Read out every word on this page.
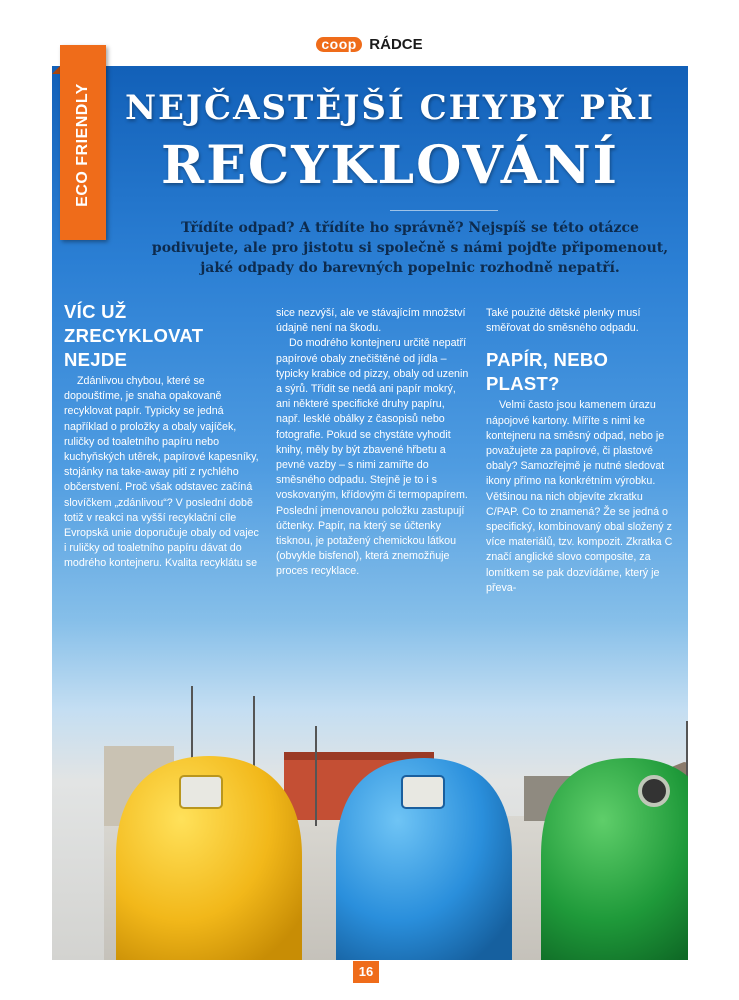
coop RÁDCE
ECO FRIENDLY NEJČASTĚJŠÍ CHYBY PŘI
RECYKLOVÁNÍ
Třídíte odpad? A třídíte ho správně? Nejspíš se této otázce
podivujete, ale pro jistotu si společně s námi pojďte připomenout,
jaké odpady do barevných popelnic rozhodně nepatří.
VÍC UŽ ZRECYKLOVAT NEJDE

Zdánlivou chybou, které se dopouštíme, je snaha opakovaně recyklovat papír. Typicky se jedná například o proložky a obaly vajíček, ruličky od toaletního papíru nebo kuchyňských utěrek, papírové kapesníky, stojánky na take-away pití z rychlého občerstvení. Proč však odstavec začíná slovíčkem „zdánlivou“? V poslední době totiž v reakci na vyšší recyklační cíle Evropská unie doporučuje obaly od vajec i ruličky od toaletního papíru dávat do modrého kontejneru. Kvalita recyklátu se

sice nezvýší, ale ve stávajícím množství údajně není na škodu.

Do modrého kontejneru určitě nepatří papírové obaly znečištěné od jídla – typicky krabice od pizzy, obaly od uzenin a sýrů. Třídit se nedá ani papír mokrý, ani některé specifické druhy papíru, např. lesklé obálky z časopisů nebo fotografie. Pokud se chystáte vyhodit knihy, měly by být zbavené hřbetu a pevné vazby – s nimi zamiřte do směsného odpadu. Stejně je to i s voskovaným, křídovým či termopapírem. Poslední jmenovanou položku zastupují účtenky. Papír, na který se účtenky tisknou, je potažený chemickou látkou (obvykle bisfenol), která znemožňuje proces recyklace.

Také použité dětské plenky musí směřovat do směsného odpadu.

PAPÍR, NEBO PLAST?

Velmi často jsou kamenem úrazu nápojové kartony. Míříte s nimi ke kontejneru na směsný odpad, nebo je považujete za papírové, či plastové obaly? Samozřejmě je nutné sledovat ikony přímo na konkrétním výrobku. Většinou na nich objevíte zkratku C/PAP. Co to znamená? Že se jedná o specifický, kombinovaný obal složený z více materiálů, tzv. kompozit. Zkratka C značí anglické slovo composite, za lomítkem se pak dozvídáme, který je převa-

16
